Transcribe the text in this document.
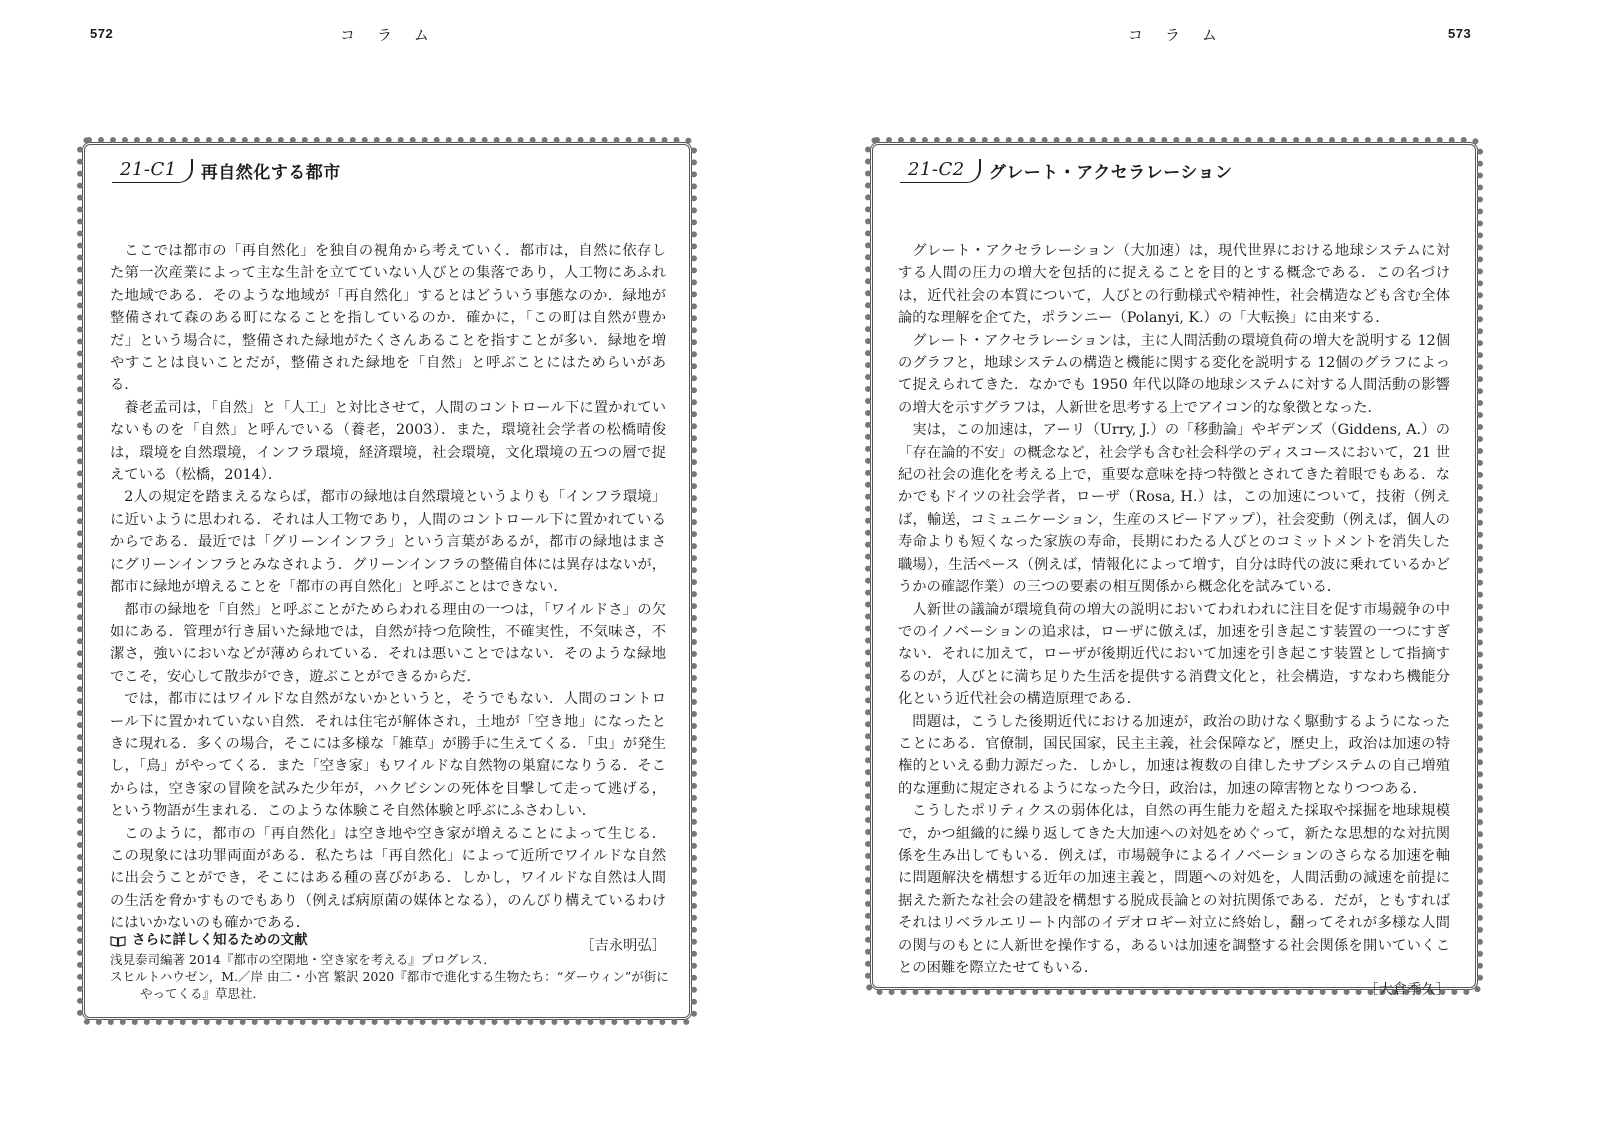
572	コラム
21-C1	再自然化する都市

ここでは都市の「再自然化」を独自の視角から考えていく．都市は，自然に依存した第一次産業によって主な生計を立てていない人びとの集落であり，人工物にあふれた地域である．そのような地域が「再自然化」するとはどういう事態なのか．緑地が整備されて森のある町になることを指しているのか．確かに，「この町は自然が豊かだ」という場合に，整備された緑地がたくさんあることを指すことが多い．緑地を増やすことは良いことだが，整備された緑地を「自然」と呼ぶことにはためらいがある．

養老孟司は，「自然」と「人工」と対比させて，人間のコントロール下に置かれていないものを「自然」と呼んでいる（養老，2003）．また，環境社会学者の松橋晴俊は，環境を自然環境，インフラ環境，経済環境，社会環境，文化環境の五つの層で捉えている（松橋，2014）．

2人の規定を踏まえるならば，都市の緑地は自然環境というよりも「インフラ環境」に近いように思われる．それは人工物であり，人間のコントロール下に置かれているからである．最近では「グリーンインフラ」という言葉があるが，都市の緑地はまさにグリーンインフラとみなされよう．グリーンインフラの整備自体には異存はないが，都市に緑地が増えることを「都市の再自然化」と呼ぶことはできない．

都市の緑地を「自然」と呼ぶことがためらわれる理由の一つは，「ワイルドさ」の欠如にある．管理が行き届いた緑地では，自然が持つ危険性，不確実性，不気味さ，不潔さ，強いにおいなどが薄められている．それは悪いことではない．そのような緑地でこそ，安心して散歩ができ，遊ぶことができるからだ．

では，都市にはワイルドな自然がないかというと，そうでもない．人間のコントロール下に置かれていない自然．それは住宅が解体され，土地が「空き地」になったときに現れる．多くの場合，そこには多様な「雑草」が勝手に生えてくる．「虫」が発生し，「鳥」がやってくる．また「空き家」もワイルドな自然物の巣窟になりうる．そこからは，空き家の冒険を試みた少年が，ハクビシンの死体を目撃して走って逃げる，という物語が生まれる．このような体験こそ自然体験と呼ぶにふさわしい．

このように，都市の「再自然化」は空き地や空き家が増えることによって生じる．この現象には功罪両面がある．私たちは「再自然化」によって近所でワイルドな自然に出会うことができ，そこにはある種の喜びがある．しかし，ワイルドな自然は人間の生活を脅かすものでもあり（例えば病原菌の媒体となる），のんびり構えているわけにはいかないのも確かである．

［吉永明弘］
さらに詳しく知るための文献
浅見泰司編著 2014『都市の空閑地・空き家を考える』プログレス．
スヒルトハウゼン，M.／岸 由二・小宮 繁訳 2020『都市で進化する生物たち：“ダーウィン”が街にやってくる』草思社．
コラム	573
21-C2	グレート・アクセラレーション

グレート・アクセラレーション（大加速）は，現代世界における地球システムに対する人間の圧力の増大を包括的に捉えることを目的とする概念である．この名づけは，近代社会の本質について，人びとの行動様式や精神性，社会構造なども含む全体論的な理解を企てた，ポランニー（Polanyi, K.）の「大転換」に由来する．

グレート・アクセラレーションは，主に人間活動の環境負荷の増大を説明する 12個のグラフと，地球システムの構造と機能に関する変化を説明する 12個のグラフによって捉えられてきた．なかでも 1950 年代以降の地球システムに対する人間活動の影響の増大を示すグラフは，人新世を思考する上でアイコン的な象徴となった．

実は，この加速は，アーリ（Urry, J.）の「移動論」やギデンズ（Giddens, A.）の「存在論的不安」の概念など，社会学も含む社会科学のディスコースにおいて，21 世紀の社会の進化を考える上で，重要な意味を持つ特徴とされてきた着眼でもある．なかでもドイツの社会学者，ローザ（Rosa, H.）は，この加速について，技術（例えば，輸送，コミュニケーション，生産のスピードアップ），社会変動（例えば，個人の寿命よりも短くなった家族の寿命，長期にわたる人びとのコミットメントを消失した職場），生活ペース（例えば，情報化によって増す，自分は時代の波に乗れているかどうかの確認作業）の三つの要素の相互関係から概念化を試みている．

人新世の議論が環境負荷の増大の説明においてわれわれに注目を促す市場競争の中でのイノベーションの追求は，ローザに倣えば，加速を引き起こす装置の一つにすぎない．それに加えて，ローザが後期近代において加速を引き起こす装置として指摘するのが，人びとに満ち足りた生活を提供する消費文化と，社会構造，すなわち機能分化という近代社会の構造原理である．

問題は，こうした後期近代における加速が，政治の助けなく駆動するようになったことにある．官僚制，国民国家，民主主義，社会保障など，歴史上，政治は加速の特権的といえる動力源だった．しかし，加速は複数の自律したサブシステムの自己増殖的な運動に規定されるようになった今日，政治は，加速の障害物となりつつある．

こうしたポリティクスの弱体化は，自然の再生能力を超えた採取や採掘を地球規模で，かつ組織的に繰り返してきた大加速への対処をめぐって，新たな思想的な対抗関係を生み出してもいる．例えば，市場競争によるイノベーションのさらなる加速を軸に問題解決を構想する近年の加速主義と，問題への対処を，人間活動の減速を前提に据えた新たな社会の建設を構想する脱成長論との対抗関係である．だが，ともすればそれはリベラルエリート内部のイデオロギー対立に終始し，翻ってそれが多様な人間の関与のもとに人新世を操作する，あるいは加速を調整する社会関係を開いていくことの困難を際立たせてもいる．

［大倉季久］
